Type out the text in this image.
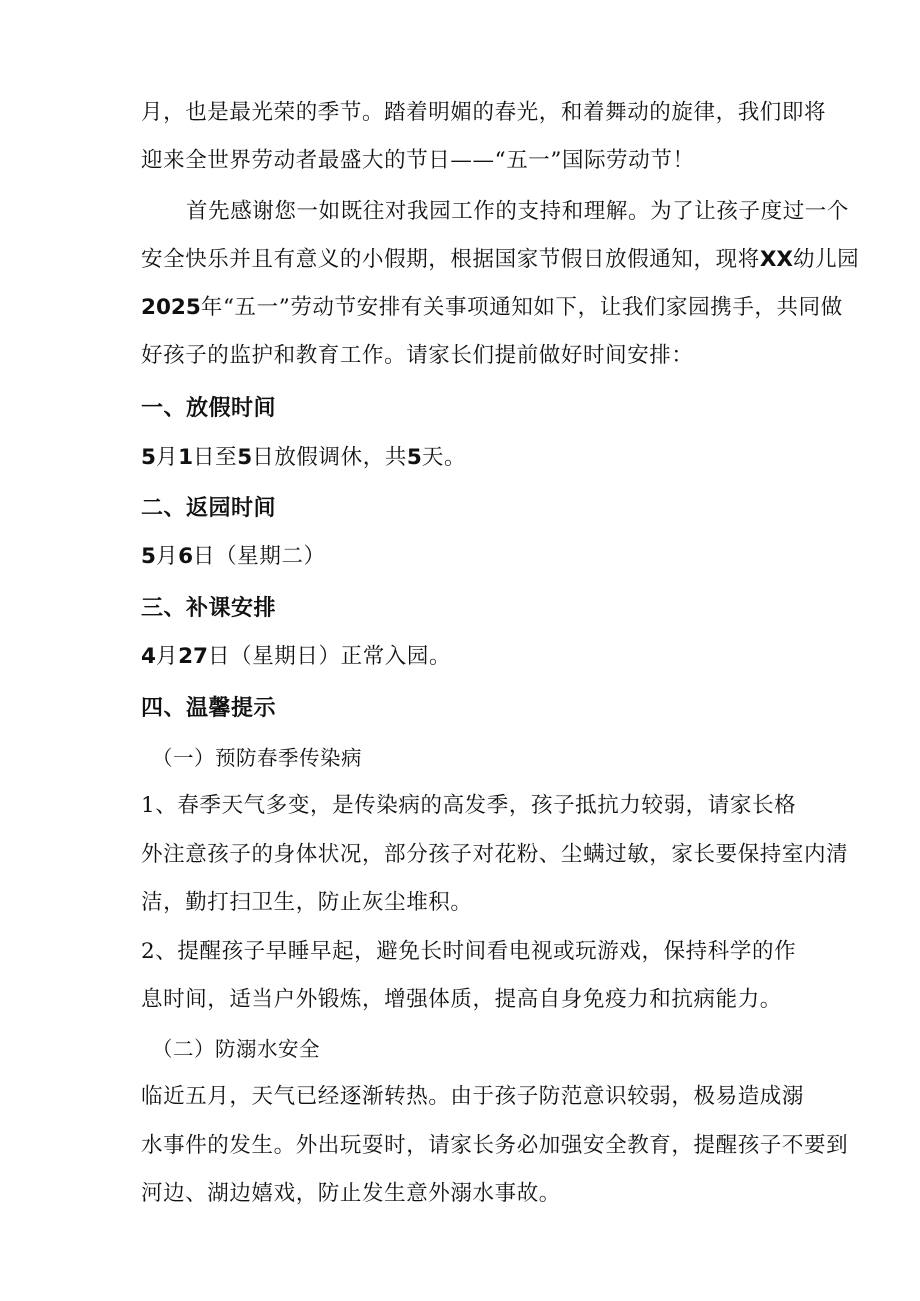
月，也是最光荣的季节。踏着明媚的春光，和着舞动的旋律，我们即将
迎来全世界劳动者最盛大的节日——“五一”国际劳动节！
首先感谢您一如既往对我园工作的支持和理解。为了让孩子度过一个
安全快乐并且有意义的小假期，根据国家节假日放假通知，现将XX幼儿园
2025年“五一”劳动节安排有关事项通知如下，让我们家园携手，共同做
好孩子的监护和教育工作。请家长们提前做好时间安排：
一、放假时间
5月1日至5日放假调休，共5天。
二、返园时间
5月6日（星期二）
三、补课安排
4月27日（星期日）正常入园。
四、温馨提示
（一）预防春季传染病
1、春季天气多变，是传染病的高发季，孩子抵抗力较弱，请家长格
外注意孩子的身体状况，部分孩子对花粉、尘螨过敏，家长要保持室内清
洁，勤打扫卫生，防止灰尘堆积。
2、提醒孩子早睡早起，避免长时间看电视或玩游戏，保持科学的作
息时间，适当户外锻炼，增强体质，提高自身免疫力和抗病能力。
（二）防溺水安全
临近五月，天气已经逐渐转热。由于孩子防范意识较弱，极易造成溺
水事件的发生。外出玩耍时，请家长务必加强安全教育，提醒孩子不要到
河边、湖边嬉戏，防止发生意外溺水事故。
